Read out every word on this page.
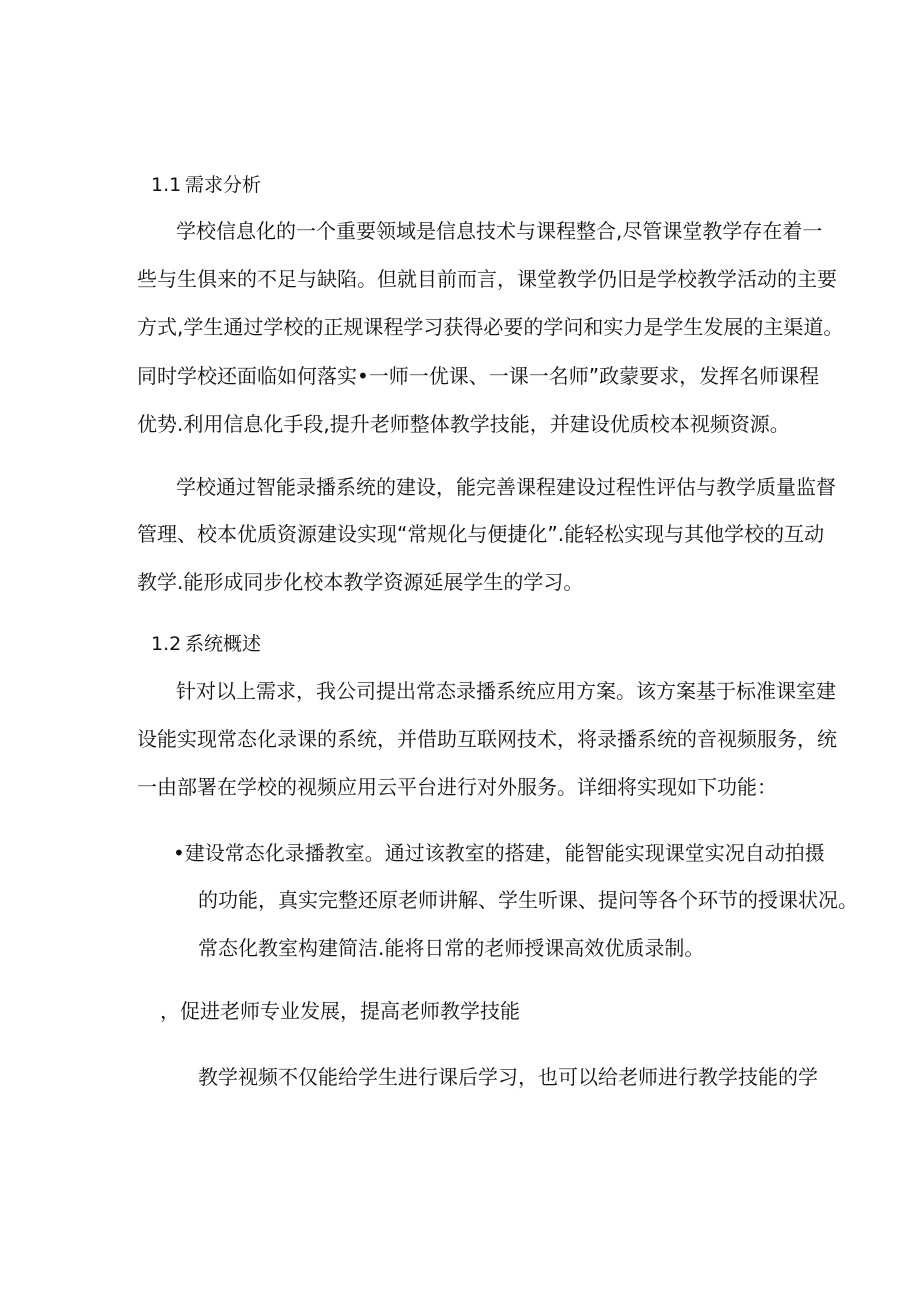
1.1 需求分析
学校信息化的一个重要领域是信息技术与课程整合,尽管课堂教学存在着一
些与生俱来的不足与缺陷。但就目前而言，课堂教学仍旧是学校教学活动的主要
方式,学生通过学校的正规课程学习获得必要的学问和实力是学生发展的主渠道。
同时学校还面临如何落实•一师一优课、一课一名师”政蒙要求，发挥名师课程
优势.利用信息化手段,提升老师整体教学技能，并建设优质校本视频资源。
学校通过智能录播系统的建设，能完善课程建设过程性评估与教学质量监督
管理、校本优质资源建设实现“常规化与便捷化”.能轻松实现与其他学校的互动
教学.能形成同步化校本教学资源延展学生的学习。
1.2 系统概述
针对以上需求，我公司提出常态录播系统应用方案。该方案基于标准课室建
设能实现常态化录课的系统，并借助互联网技术，将录播系统的音视频服务，统
一由部署在学校的视频应用云平台进行对外服务。详细将实现如下功能：
•建设常态化录播教室。通过该教室的搭建，能智能实现课堂实况自动拍摄
的功能，真实完整还原老师讲解、学生听课、提问等各个环节的授课状况。
常态化教室构建简洁.能将日常的老师授课高效优质录制。
，促进老师专业发展，提高老师教学技能
教学视频不仅能给学生进行课后学习，也可以给老师进行教学技能的学
